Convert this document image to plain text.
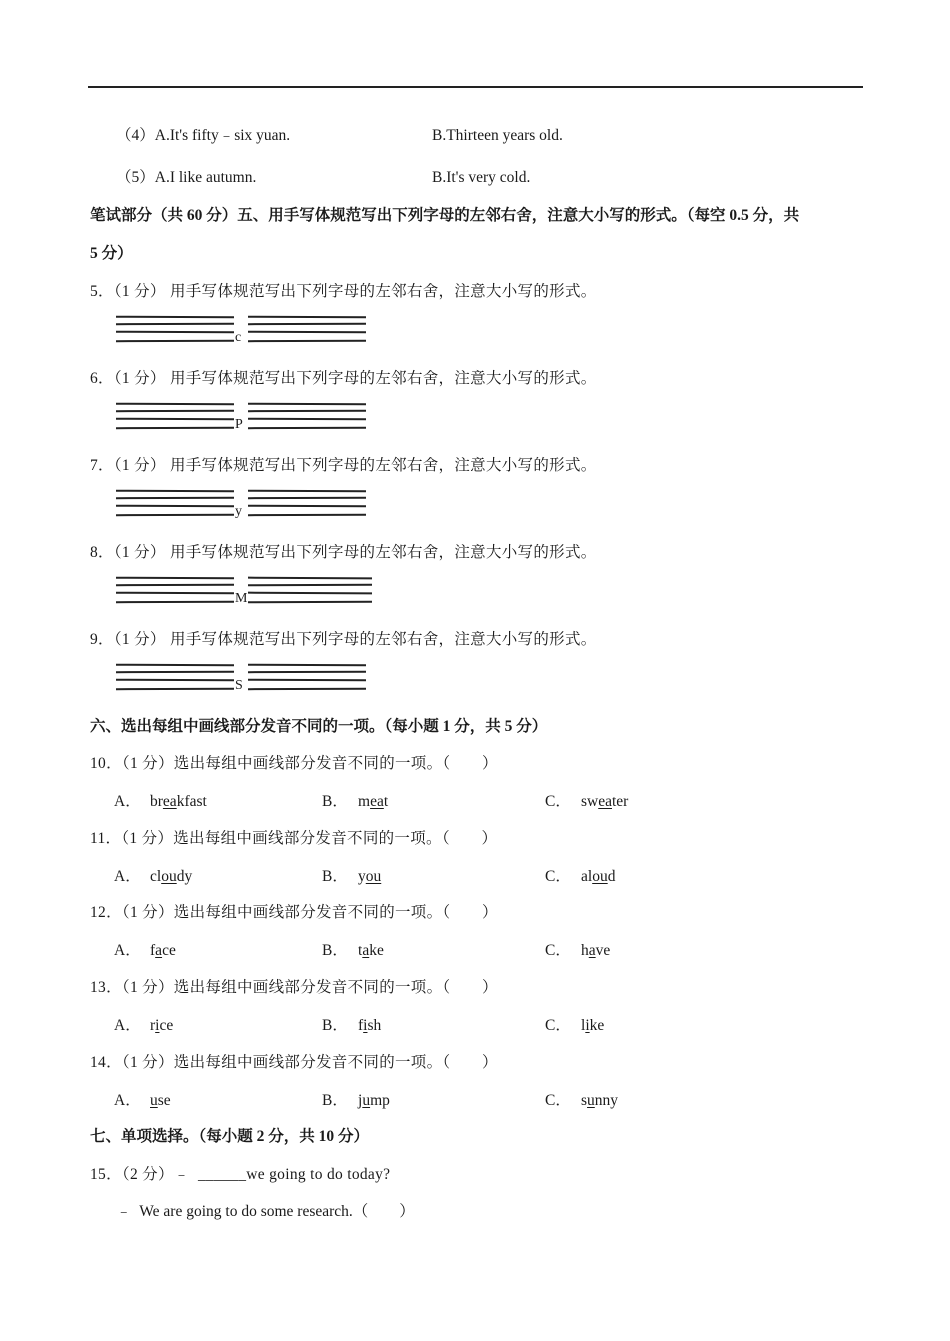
（4）A.It's fifty﹣six yuan.	B.Thirteen years old.
（5）A.I like autumn.	B.It's very cold.
笔试部分（共 60 分）五、用手写体规范写出下列字母的左邻右舍，注意大小写的形式。（每空 0.5 分，共
5 分）
5．（1 分） 用手写体规范写出下列字母的左邻右舍，注意大小写的形式。
c
6．（1 分） 用手写体规范写出下列字母的左邻右舍，注意大小写的形式。
P
7．（1 分） 用手写体规范写出下列字母的左邻右舍，注意大小写的形式。
y
8．（1 分） 用手写体规范写出下列字母的左邻右舍，注意大小写的形式。
M
9．（1 分） 用手写体规范写出下列字母的左邻右舍，注意大小写的形式。
S
六、选出每组中画线部分发音不同的一项。（每小题 1 分，共 5 分）
10．（1 分）选出每组中画线部分发音不同的一项。（　　）
A． breakfast	B． meat	C． sweater
11．（1 分）选出每组中画线部分发音不同的一项。（　　）
A． cloudy	B． you	C． aloud
12．（1 分）选出每组中画线部分发音不同的一项。（　　）
A． face	B． take	C． have
13．（1 分）选出每组中画线部分发音不同的一项。（　　）
A． rice	B． fish	C． like
14．（1 分）选出每组中画线部分发音不同的一项。（　　）
A． use	B． jump	C． sunny
七、单项选择。（每小题 2 分，共 10 分）
15．（2 分）﹣ ______we going to do today?
﹣ We are going to do some research.（　　）
